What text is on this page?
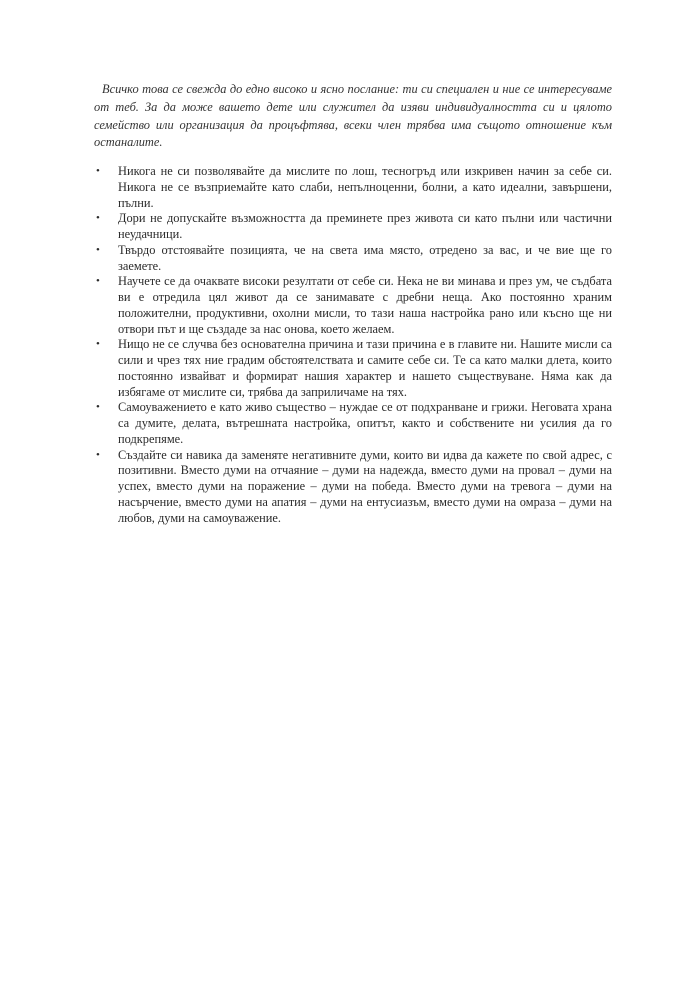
Всичко това се свежда до едно високо и ясно послание: ти си специален и ние се интересуваме от теб. За да може вашето дете или служител да изяви индивидуалността си и цялото семейство или организация да процъфтява, всеки член трябва има същото отношение към останалите.

• Никога не си позволявайте да мислите по лош, тесногръд или изкривен начин за себе си. Никога не се възприемайте като слаби, непълноценни, болни, а като идеални, завършени, пълни.
• Дори не допускайте възможността да преминете през живота си като пълни или частични неудачници.
• Твърдо отстоявайте позицията, че на света има място, отредено за вас, и че вие ще го заемете.
• Научете се да очаквате високи резултати от себе си. Нека не ви минава и през ум, че съдбата ви е отредила цял живот да се занимавате с дребни неща. Ако постоянно храним положителни, продуктивни, охолни мисли, то тази наша настройка рано или късно ще ни отвори път и ще създаде за нас онова, което желаем.
• Нищо не се случва без основателна причина и тази причина е в главите ни. Нашите мисли са сили и чрез тях ние градим обстоятелствата и самите себе си. Те са като малки длета, които постоянно извайват и формират нашия характер и нашето съществуване. Няма как да избягаме от мислите си, трябва да заприличаме на тях.
• Самоуважението е като живо същество – нуждае се от подхранване и грижи. Неговата храна са думите, делата, вътрешната настройка, опитът, както и собствените ни усилия да го подкрепяме.
• Създайте си навика да заменяте негативните думи, които ви идва да кажете по свой адрес, с позитивни. Вместо думи на отчаяние – думи на надежда, вместо думи на провал – думи на успех, вместо думи на поражение – думи на победа. Вместо думи на тревога – думи на насърчение, вместо думи на апатия – думи на ентусиазъм, вместо думи на омраза – думи на любов, думи на самоуважение.
